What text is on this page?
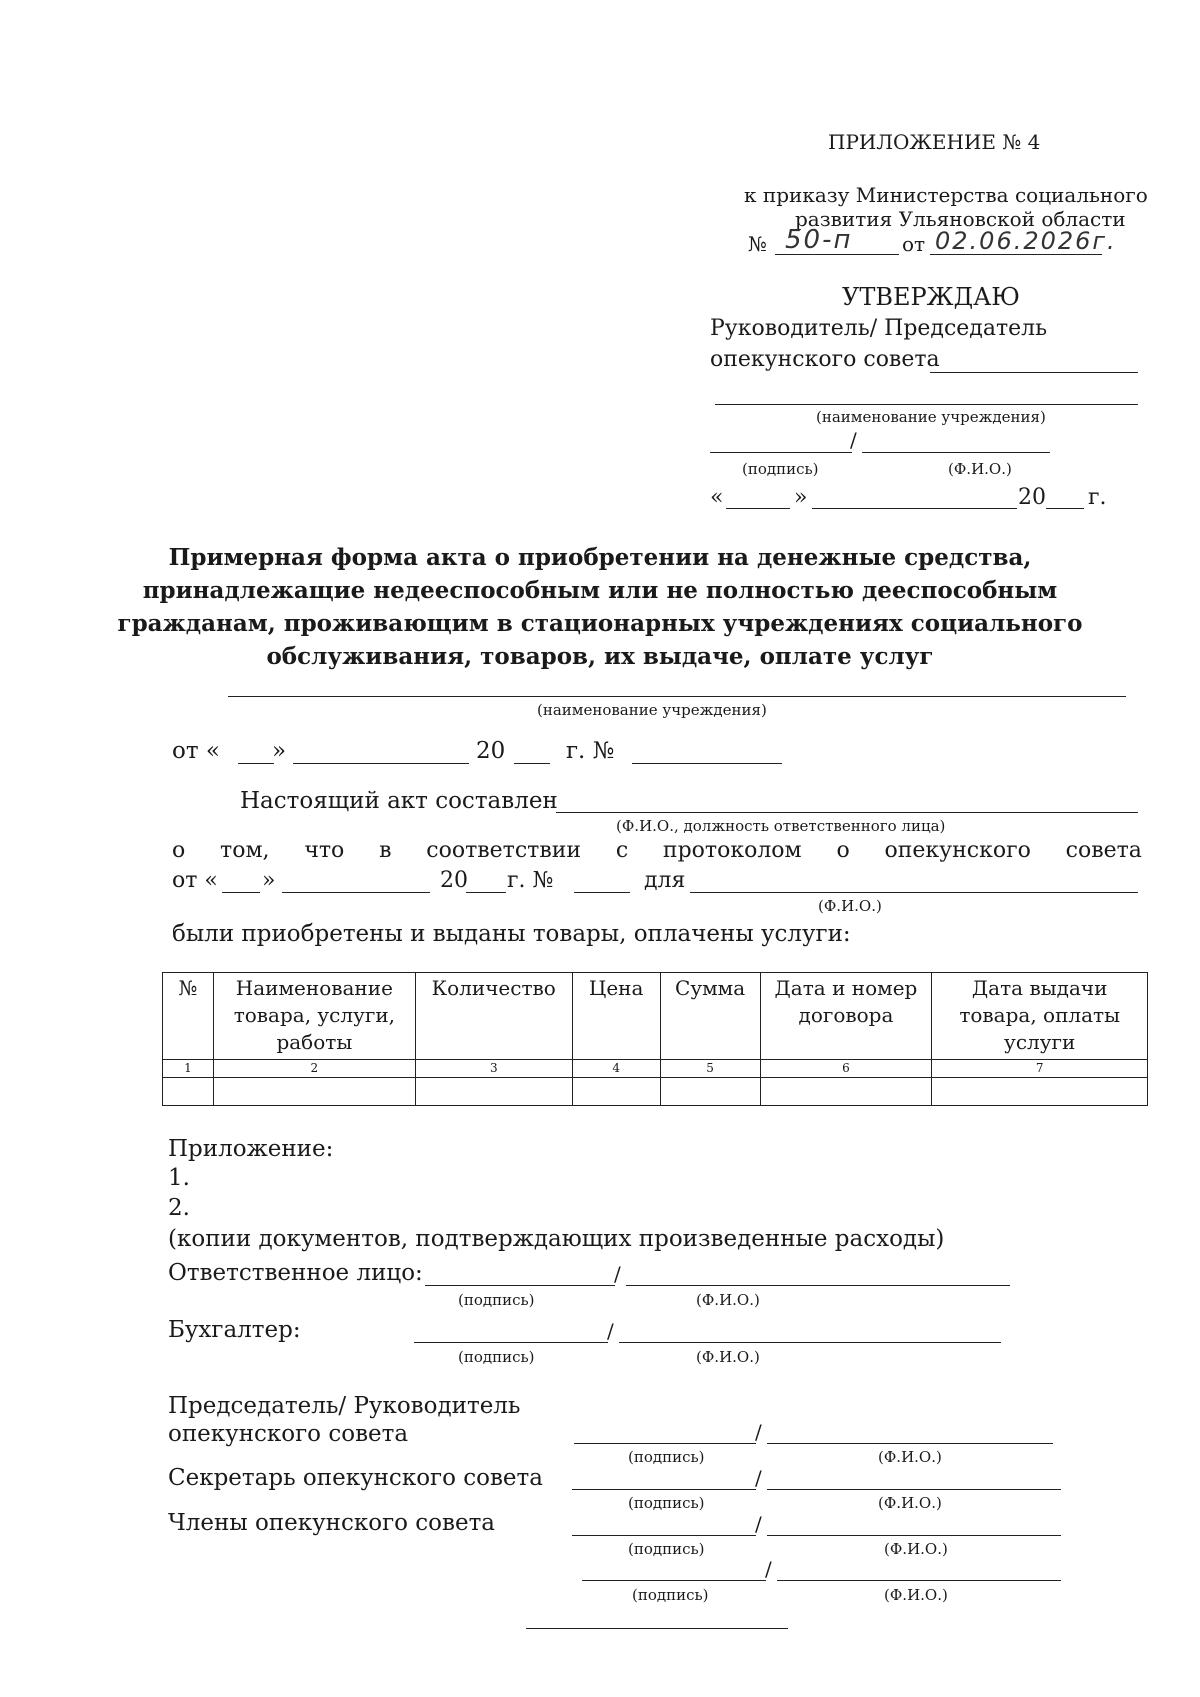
ПРИЛОЖЕНИЕ № 4
к приказу Министерства социального
развития Ульяновской области
№ 50-п от 02.06.2026г.
УТВЕРЖДАЮ
Руководитель/ Председатель
опекунского совета
(наименование учреждения)
/
(подпись)	(Ф.И.О.)
«	»	20 г.
Примерная форма акта о приобретении на денежные средства,
принадлежащие недееспособным или не полностью дееспособным
гражданам, проживающим в стационарных учреждениях социального
обслуживания, товаров, их выдаче, оплате услуг
(наименование учреждения)
от « »	20	г. №
Настоящий акт составлен
(Ф.И.О., должность ответственного лица)
о том, что в соответствии с протоколом о опекунского совета
от « »	20 г. №	для
(Ф.И.О.)
были приобретены и выданы товары, оплачены услуги:
№	Наименование товара, услуги, работы	Количество	Цена	Сумма	Дата и номер договора	Дата выдачи товара, оплаты услуги
1	2	3	4	5	6	7

Приложение:
1.
2.
(копии документов, подтверждающих произведенные расходы)
Ответственное лицо:	/
(подпись)	(Ф.И.О.)
Бухгалтер:	/
(подпись)	(Ф.И.О.)
Председатель/ Руководитель
опекунского совета	/
(подпись)	(Ф.И.О.)
Секретарь опекунского совета	/
(подпись)	(Ф.И.О.)
Члены опекунского совета	/
(подпись)	(Ф.И.О.)
/
(подпись)	(Ф.И.О.)
